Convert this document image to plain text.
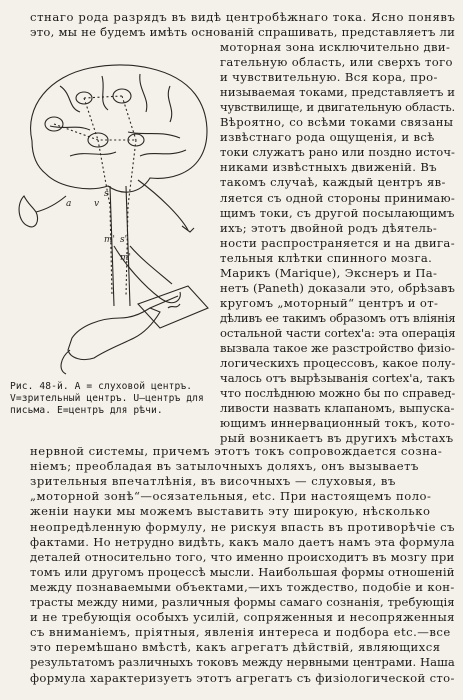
стнаго рода разрядъ въ видѣ центробѣжнаго тока. Ясно понявъ
это, мы не будемъ имѣть основаній спрашивать, представляетъ ли
a	v
s'
m' s'
m'
Рис. 48-й. A = слуховой центръ.
V=зрительный центръ. U—центръ для
письма. E=центръ для рѣчи.
моторная зона исключительно дви-
гательную область, или сверхъ того
и чувствительную. Вся кора, про-
низываемая токами, представляетъ и
чувствилище, и двигательную область.
Вѣроятно, со всѣми токами связаны
извѣстнаго рода ощущенія, и всѣ
токи служатъ рано или поздно источ-
никами извѣстныхъ движеній. Въ
такомъ случаѣ, каждый центръ яв-
ляется съ одной стороны принимаю-
щимъ токи, съ другой посылающимъ
ихъ; этотъ двойной родъ дѣятель-
ности распространяется и на двига-
тельныя клѣтки спинного мозга.
Марикъ (Marique), Экснеръ и Па-
нетъ (Paneth) доказали это, обрѣзавъ
кругомъ „моторный“ центръ и от-
дѣливъ ее такимъ образомъ отъ вліянія
остальной части cortex'а: эта операція
вызвала такое же разстройство физіо-
логическихъ процессовъ, какое полу-
чалось отъ вырѣзыванія cortex'а, такъ
что послѣднюю можно бы по справед-
ливости назвать клапаномъ, выпуска-
ющимъ иннервационный токъ, кото-
рый возникаетъ въ другихъ мѣстахъ
нервной системы, причемъ этотъ токъ сопровождается сознa-
ніемъ; преобладая въ затылочныхъ доляхъ, онъ вызываетъ
зрительныя впечатлѣнія, въ височныхъ — слуховыя, въ
„моторной зонѣ“—осязательныя, etc. При настоящемъ поло-
женіи науки мы можемъ выставить эту широкую, нѣсколько
неопредѣленную формулу, не рискуя впасть въ противорѣчіе съ
фактами. Но нетрудно видѣть, какъ мало даетъ намъ эта формула
деталей относительно того, что именно происходитъ въ мозгу при
томъ или другомъ процессѣ мысли. Наибольшая формы отношеній
между познаваемыми объектами,—ихъ тождество, подобіе и кон-
трасты между ними, различныя формы самаго сознанія, требующія
и не требующія особыхъ усилій, сопряженныя и несопряженныя
съ вниманіемъ, пріятныя, явленія интереса и подбора etc.—все
это перемѣшано вмѣстѣ, какъ агрегатъ дѣйствій, являющихся
результатомъ различныхъ токовъ между нервными центрами. Наша
формула характеризуетъ этотъ агрегатъ съ физіологической сто-
